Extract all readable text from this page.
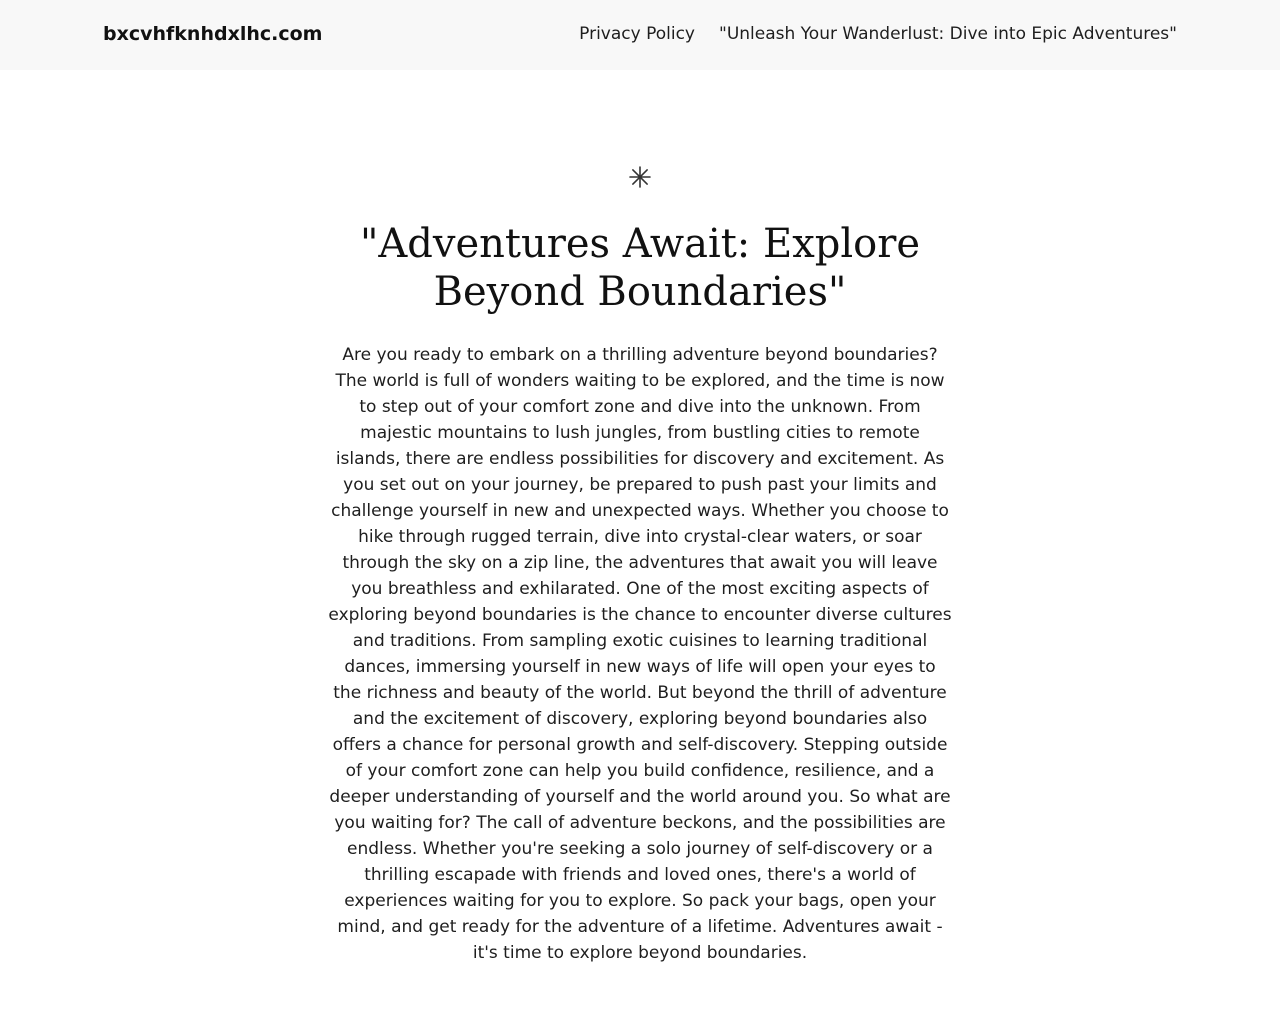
bxcvhfknhdxlhc.com	Privacy Policy "Unleash Your Wanderlust: Dive into Epic Adventures"
"Adventures Await: Explore Beyond Boundaries"

Are you ready to embark on a thrilling adventure beyond boundaries? The world is full of wonders waiting to be explored, and the time is now to step out of your comfort zone and dive into the unknown. From majestic mountains to lush jungles, from bustling cities to remote islands, there are endless possibilities for discovery and excitement. As you set out on your journey, be prepared to push past your limits and challenge yourself in new and unexpected ways. Whether you choose to hike through rugged terrain, dive into crystal-clear waters, or soar through the sky on a zip line, the adventures that await you will leave you breathless and exhilarated. One of the most exciting aspects of exploring beyond boundaries is the chance to encounter diverse cultures and traditions. From sampling exotic cuisines to learning traditional dances, immersing yourself in new ways of life will open your eyes to the richness and beauty of the world. But beyond the thrill of adventure and the excitement of discovery, exploring beyond boundaries also offers a chance for personal growth and self-discovery. Stepping outside of your comfort zone can help you build confidence, resilience, and a deeper understanding of yourself and the world around you. So what are you waiting for? The call of adventure beckons, and the possibilities are endless. Whether you're seeking a solo journey of self-discovery or a thrilling escapade with friends and loved ones, there's a world of experiences waiting for you to explore. So pack your bags, open your mind, and get ready for the adventure of a lifetime. Adventures await - it's time to explore beyond boundaries.
